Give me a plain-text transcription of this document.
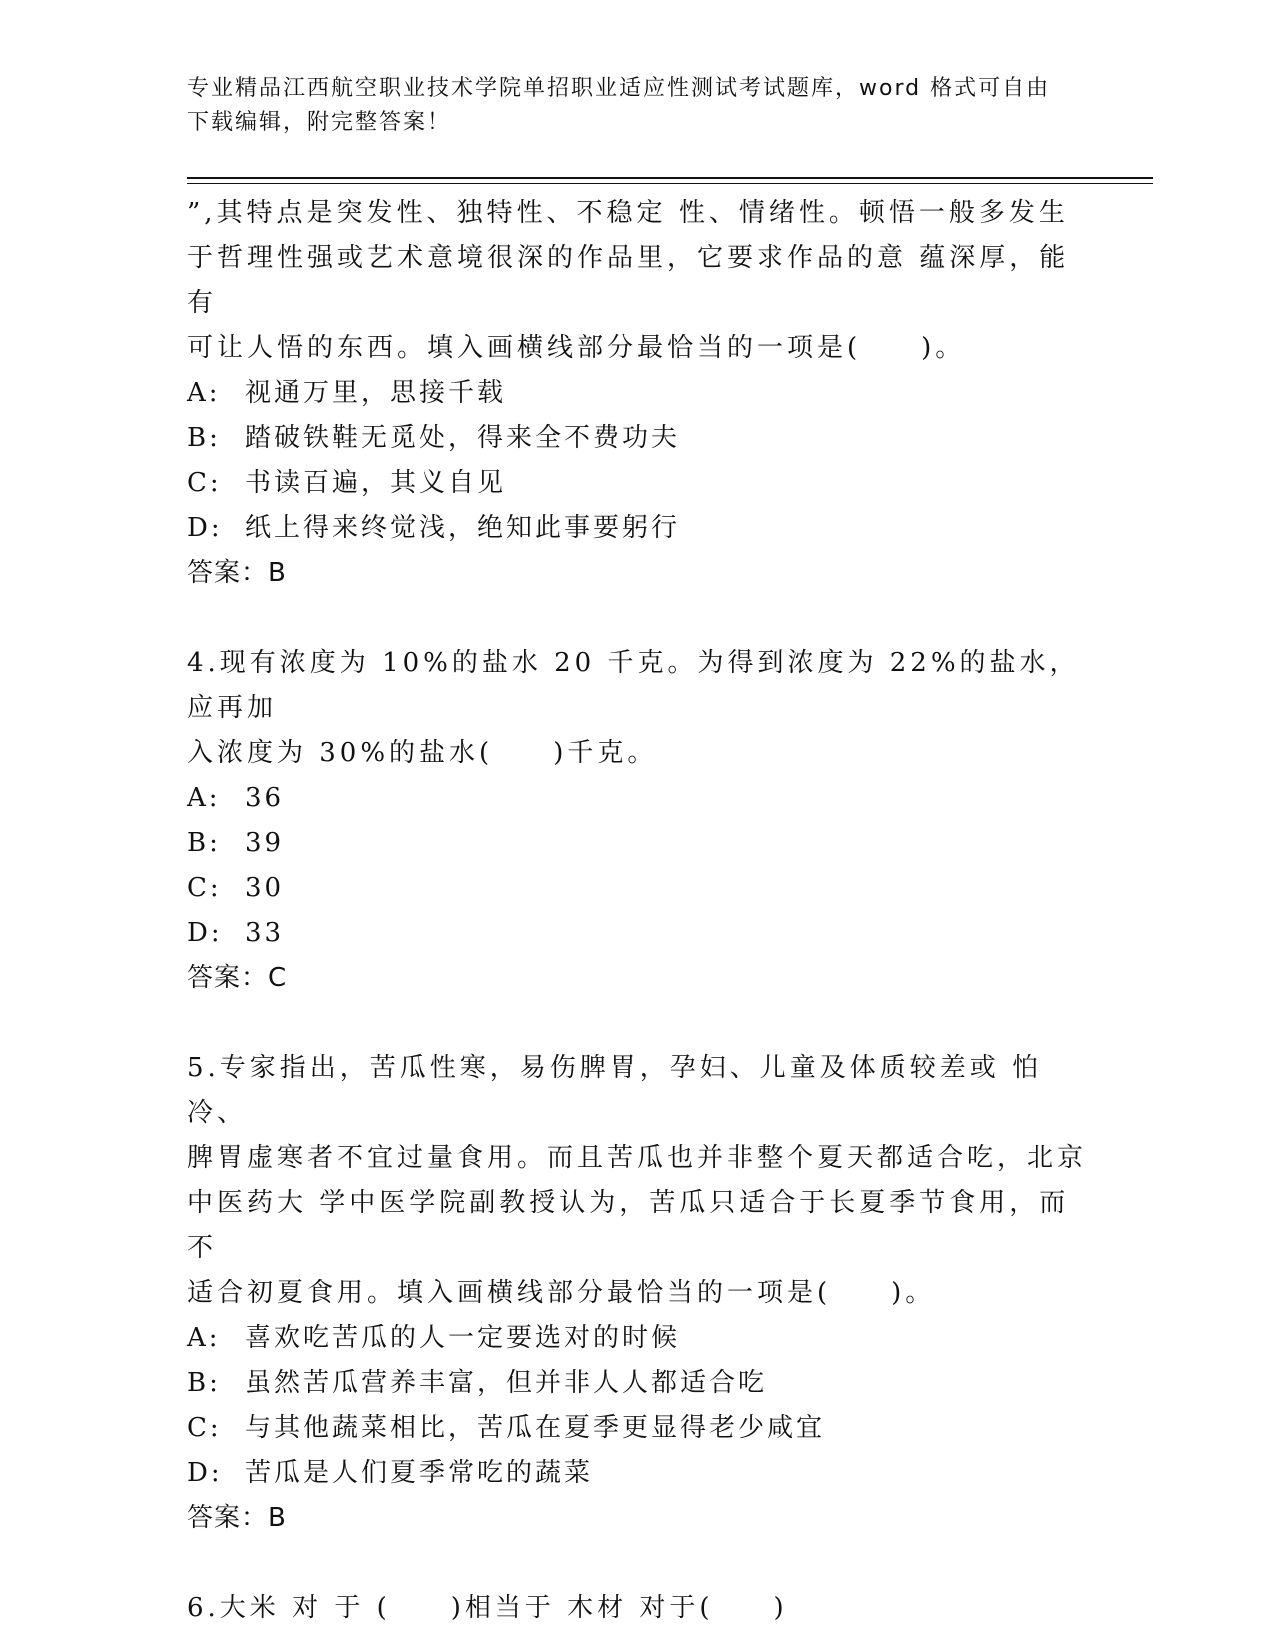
专业精品江西航空职业技术学院单招职业适应性测试考试题库，word 格式可自由
下载编辑，附完整答案！

”,其特点是突发性、独特性、不稳定 性、情绪性。顿悟一般多发生

于哲理性强或艺术意境很深的作品里，它要求作品的意 蕴深厚，能有

可让人悟的东西。填入画横线部分最恰当的一项是(　　)。

A: 视通万里，思接千载
B: 踏破铁鞋无觅处，得来全不费功夫
C: 书读百遍，其义自见
D: 纸上得来终觉浅，绝知此事要躬行

答案：B

4.现有浓度为 10%的盐水 20 千克。为得到浓度为 22%的盐水，应再加

入浓度为 30%的盐水(　　)千克。

A: 36
B: 39
C: 30
D: 33

答案：C

5.专家指出，苦瓜性寒，易伤脾胃，孕妇、儿童及体质较差或 怕冷、

脾胃虚寒者不宜过量食用。而且苦瓜也并非整个夏天都适合吃，北京

中医药大 学中医学院副教授认为，苦瓜只适合于长夏季节食用，而不

适合初夏食用。填入画横线部分最恰当的一项是(　　)。

A: 喜欢吃苦瓜的人一定要选对的时候
B: 虽然苦瓜营养丰富，但并非人人都适合吃
C: 与其他蔬菜相比，苦瓜在夏季更显得老少咸宜
D: 苦瓜是人们夏季常吃的蔬菜

答案：B

6.大米 对 于 (　　)相当于 木材 对于(　　)
